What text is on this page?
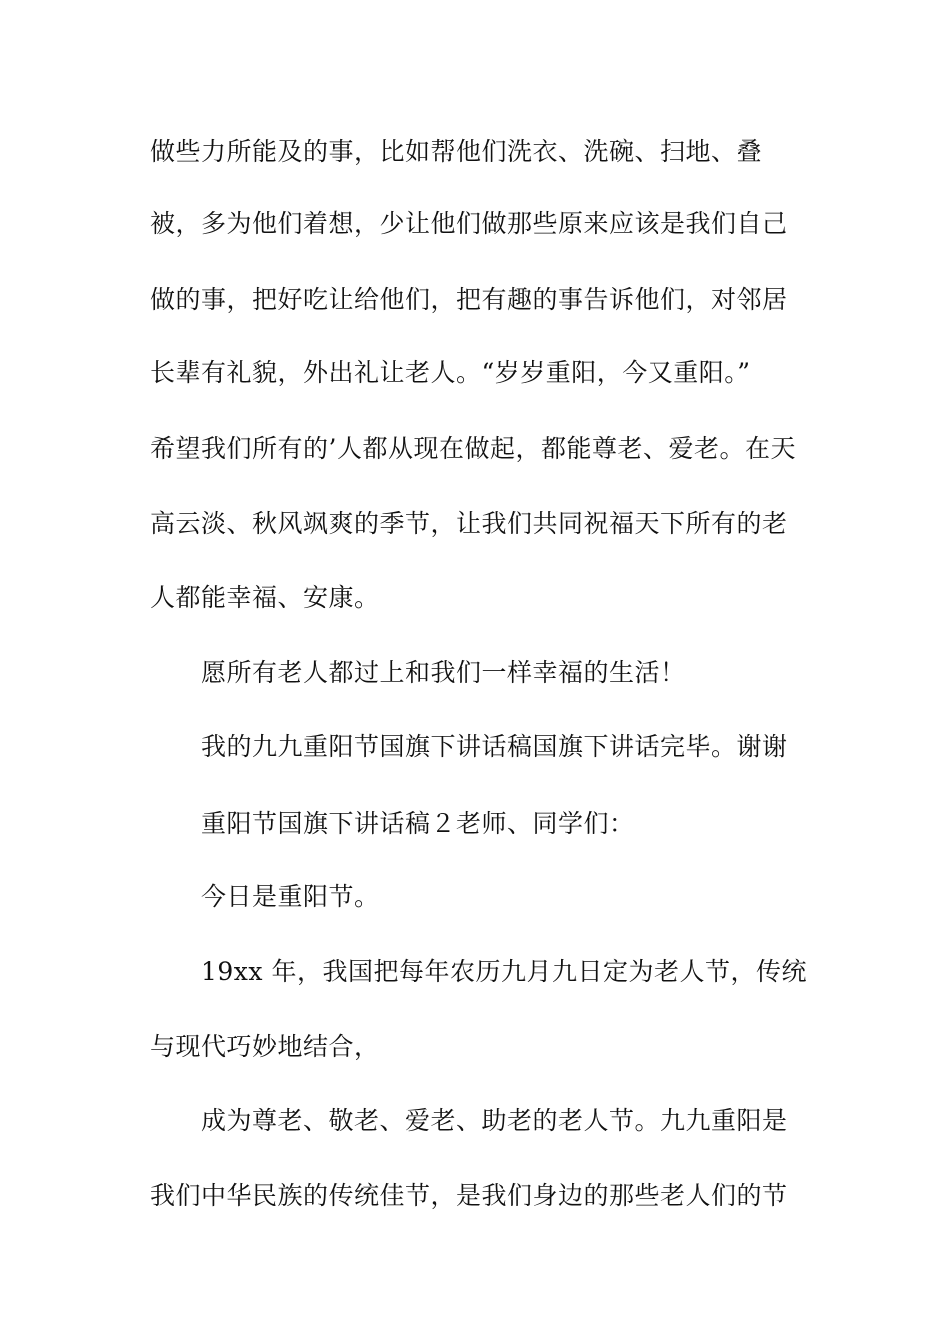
做些力所能及的事，比如帮他们洗衣、洗碗、扫地、叠
被，多为他们着想，少让他们做那些原来应该是我们自己
做的事，把好吃让给他们，把有趣的事告诉他们，对邻居
长辈有礼貌，外出礼让老人。“岁岁重阳，今又重阳。”
希望我们所有的’人都从现在做起，都能尊老、爱老。在天
高云淡、秋风飒爽的季节，让我们共同祝福天下所有的老
人都能幸福、安康。
愿所有老人都过上和我们一样幸福的生活！
我的九九重阳节国旗下讲话稿国旗下讲话完毕。谢谢
重阳节国旗下讲话稿２老师、同学们：
今日是重阳节。
19xx 年，我国把每年农历九月九日定为老人节，传统
与现代巧妙地结合，
成为尊老、敬老、爱老、助老的老人节。九九重阳是
我们中华民族的传统佳节，是我们身边的那些老人们的节
